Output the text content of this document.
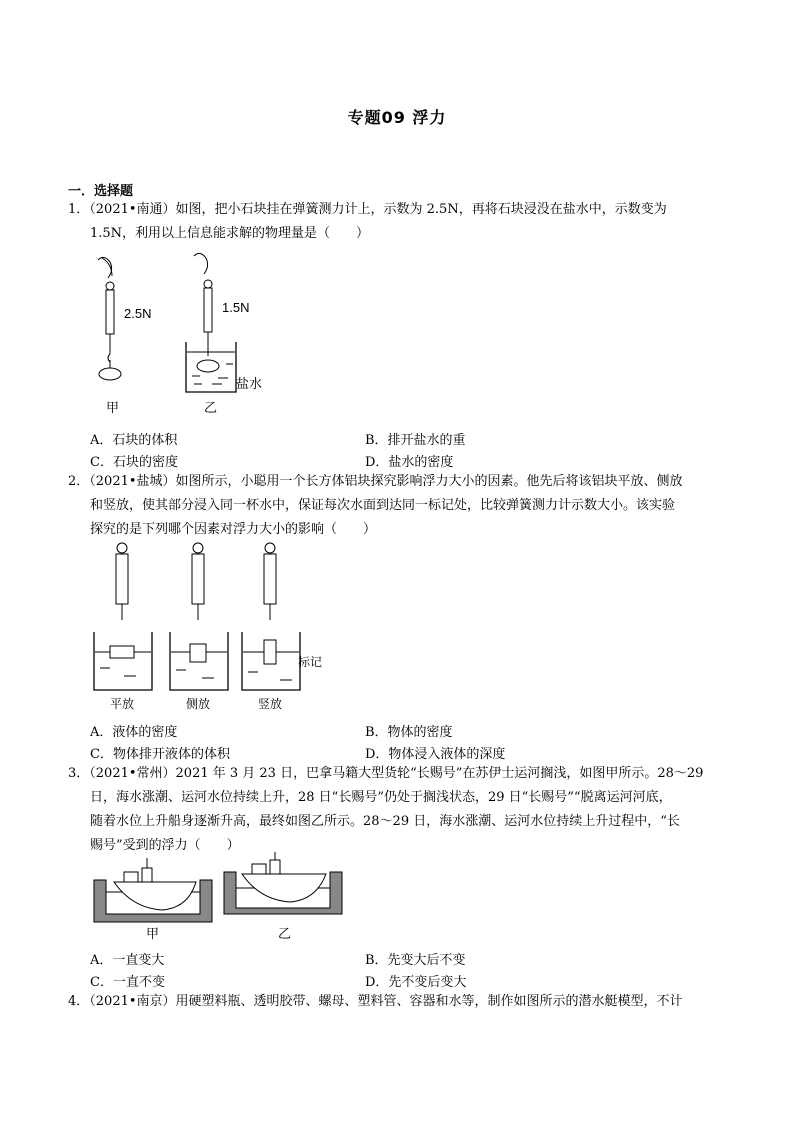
专题09 浮力
一．选择题
1．（2021•南通）如图，把小石块挂在弹簧测力计上，示数为 2.5N，再将石块浸没在盐水中，示数变为
1.5N，利用以上信息能求解的物理量是（　　）
2.5N	1.5N
盐水
甲	乙
A．石块的体积	B．排开盐水的重
C．石块的密度	D．盐水的密度
2．（2021•盐城）如图所示，小聪用一个长方体铝块探究影响浮力大小的因素。他先后将该铝块平放、侧放
和竖放，使其部分浸入同一杯水中，保证每次水面到达同一标记处，比较弹簧测力计示数大小。该实验
探究的是下列哪个因素对浮力大小的影响（　　）
平放	侧放	竖放
标记
A．液体的密度	B．物体的密度
C．物体排开液体的体积	D．物体浸入液体的深度
3．（2021•常州）2021 年 3 月 23 日，巴拿马籍大型货轮“长赐号”在苏伊士运河搁浅，如图甲所示。28～29
日，海水涨潮、运河水位持续上升，28 日“长赐号”仍处于搁浅状态，29 日“长赐号”“脱离运河河底，
随着水位上升船身逐渐升高，最终如图乙所示。28～29 日，海水涨潮、运河水位持续上升过程中，“长
赐号”受到的浮力（　　）
甲	乙
A．一直变大	B．先变大后不变
C．一直不变	D．先不变后变大
4．（2021•南京）用硬塑料瓶、透明胶带、螺母、塑料管、容器和水等，制作如图所示的潜水艇模型，不计
